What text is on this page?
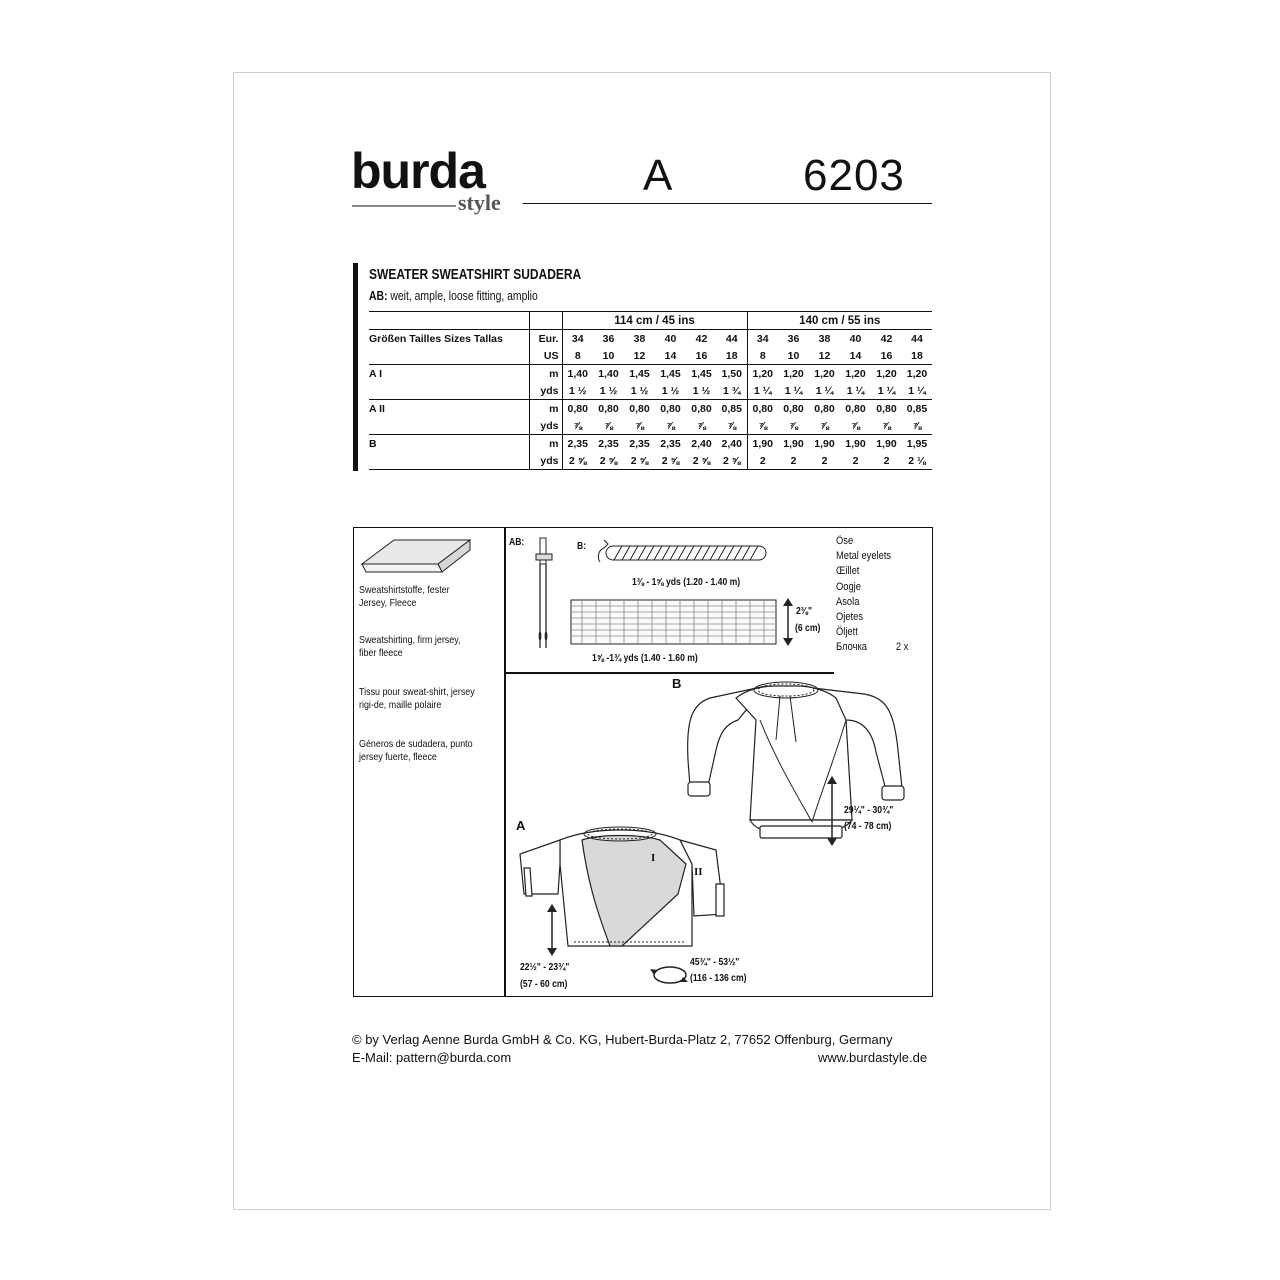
burda
style
A	6203
SWEATER SWEATSHIRT SUDADERA
AB: weit, ample, loose fitting, amplio
		114 cm / 45 ins						140 cm / 55 ins					
Größen Tailles Sizes Tallas	Eur.	34	36	38	40	42	44	34	36	38	40	42	44
	US	8	10	12	14	16	18	8	10	12	14	16	18
A I	m	1,40	1,40	1,45	1,45	1,45	1,50	1,20	1,20	1,20	1,20	1,20	1,20
	yds	1 ½	1 ½	1 ½	1 ½	1 ½	1 ¾	1 ¼	1 ¼	1 ¼	1 ¼	1 ¼	1 ¼
A II	m	0,80	0,80	0,80	0,80	0,80	0,85	0,80	0,80	0,80	0,80	0,80	0,85
	yds	⅞	⅞	⅞	⅞	⅞	⅞	⅞	⅞	⅞	⅞	⅞	⅞
B	m	2,35	2,35	2,35	2,35	2,40	2,40	1,90	1,90	1,90	1,90	1,90	1,95
	yds	2 ⅝	2 ⅝	2 ⅝	2 ⅝	2 ⅝	2 ⅝	2	2	2	2	2	2 ⅛
Sweatshirtstoffe, fester Jersey, Fleece
Sweatshirting, firm jersey, fiber fleece
Tissu pour sweat-shirt, jersey rigi-de, maille polaire
Géneros de sudadera, punto jersey fuerte, fleece
AB:	B:
1⅜ - 1⅝ yds (1.20 - 1.40 m)
2⅜"
(6 cm)
1⅝ -1¾ yds (1.40 - 1.60 m)
Öse
Metal eyelets
Œillet
Oogje
Asola
Ojetes
Öljett
Блочка	2 x
B
29¼" - 30¾"
(74 - 78 cm)
A
I
II
22½" - 23¾"
(57 - 60 cm)
45¾" - 53½"
(116 - 136 cm)
© by Verlag Aenne Burda GmbH & Co. KG, Hubert-Burda-Platz 2, 77652 Offenburg, Germany
E-Mail: pattern@burda.com	www.burdastyle.de
